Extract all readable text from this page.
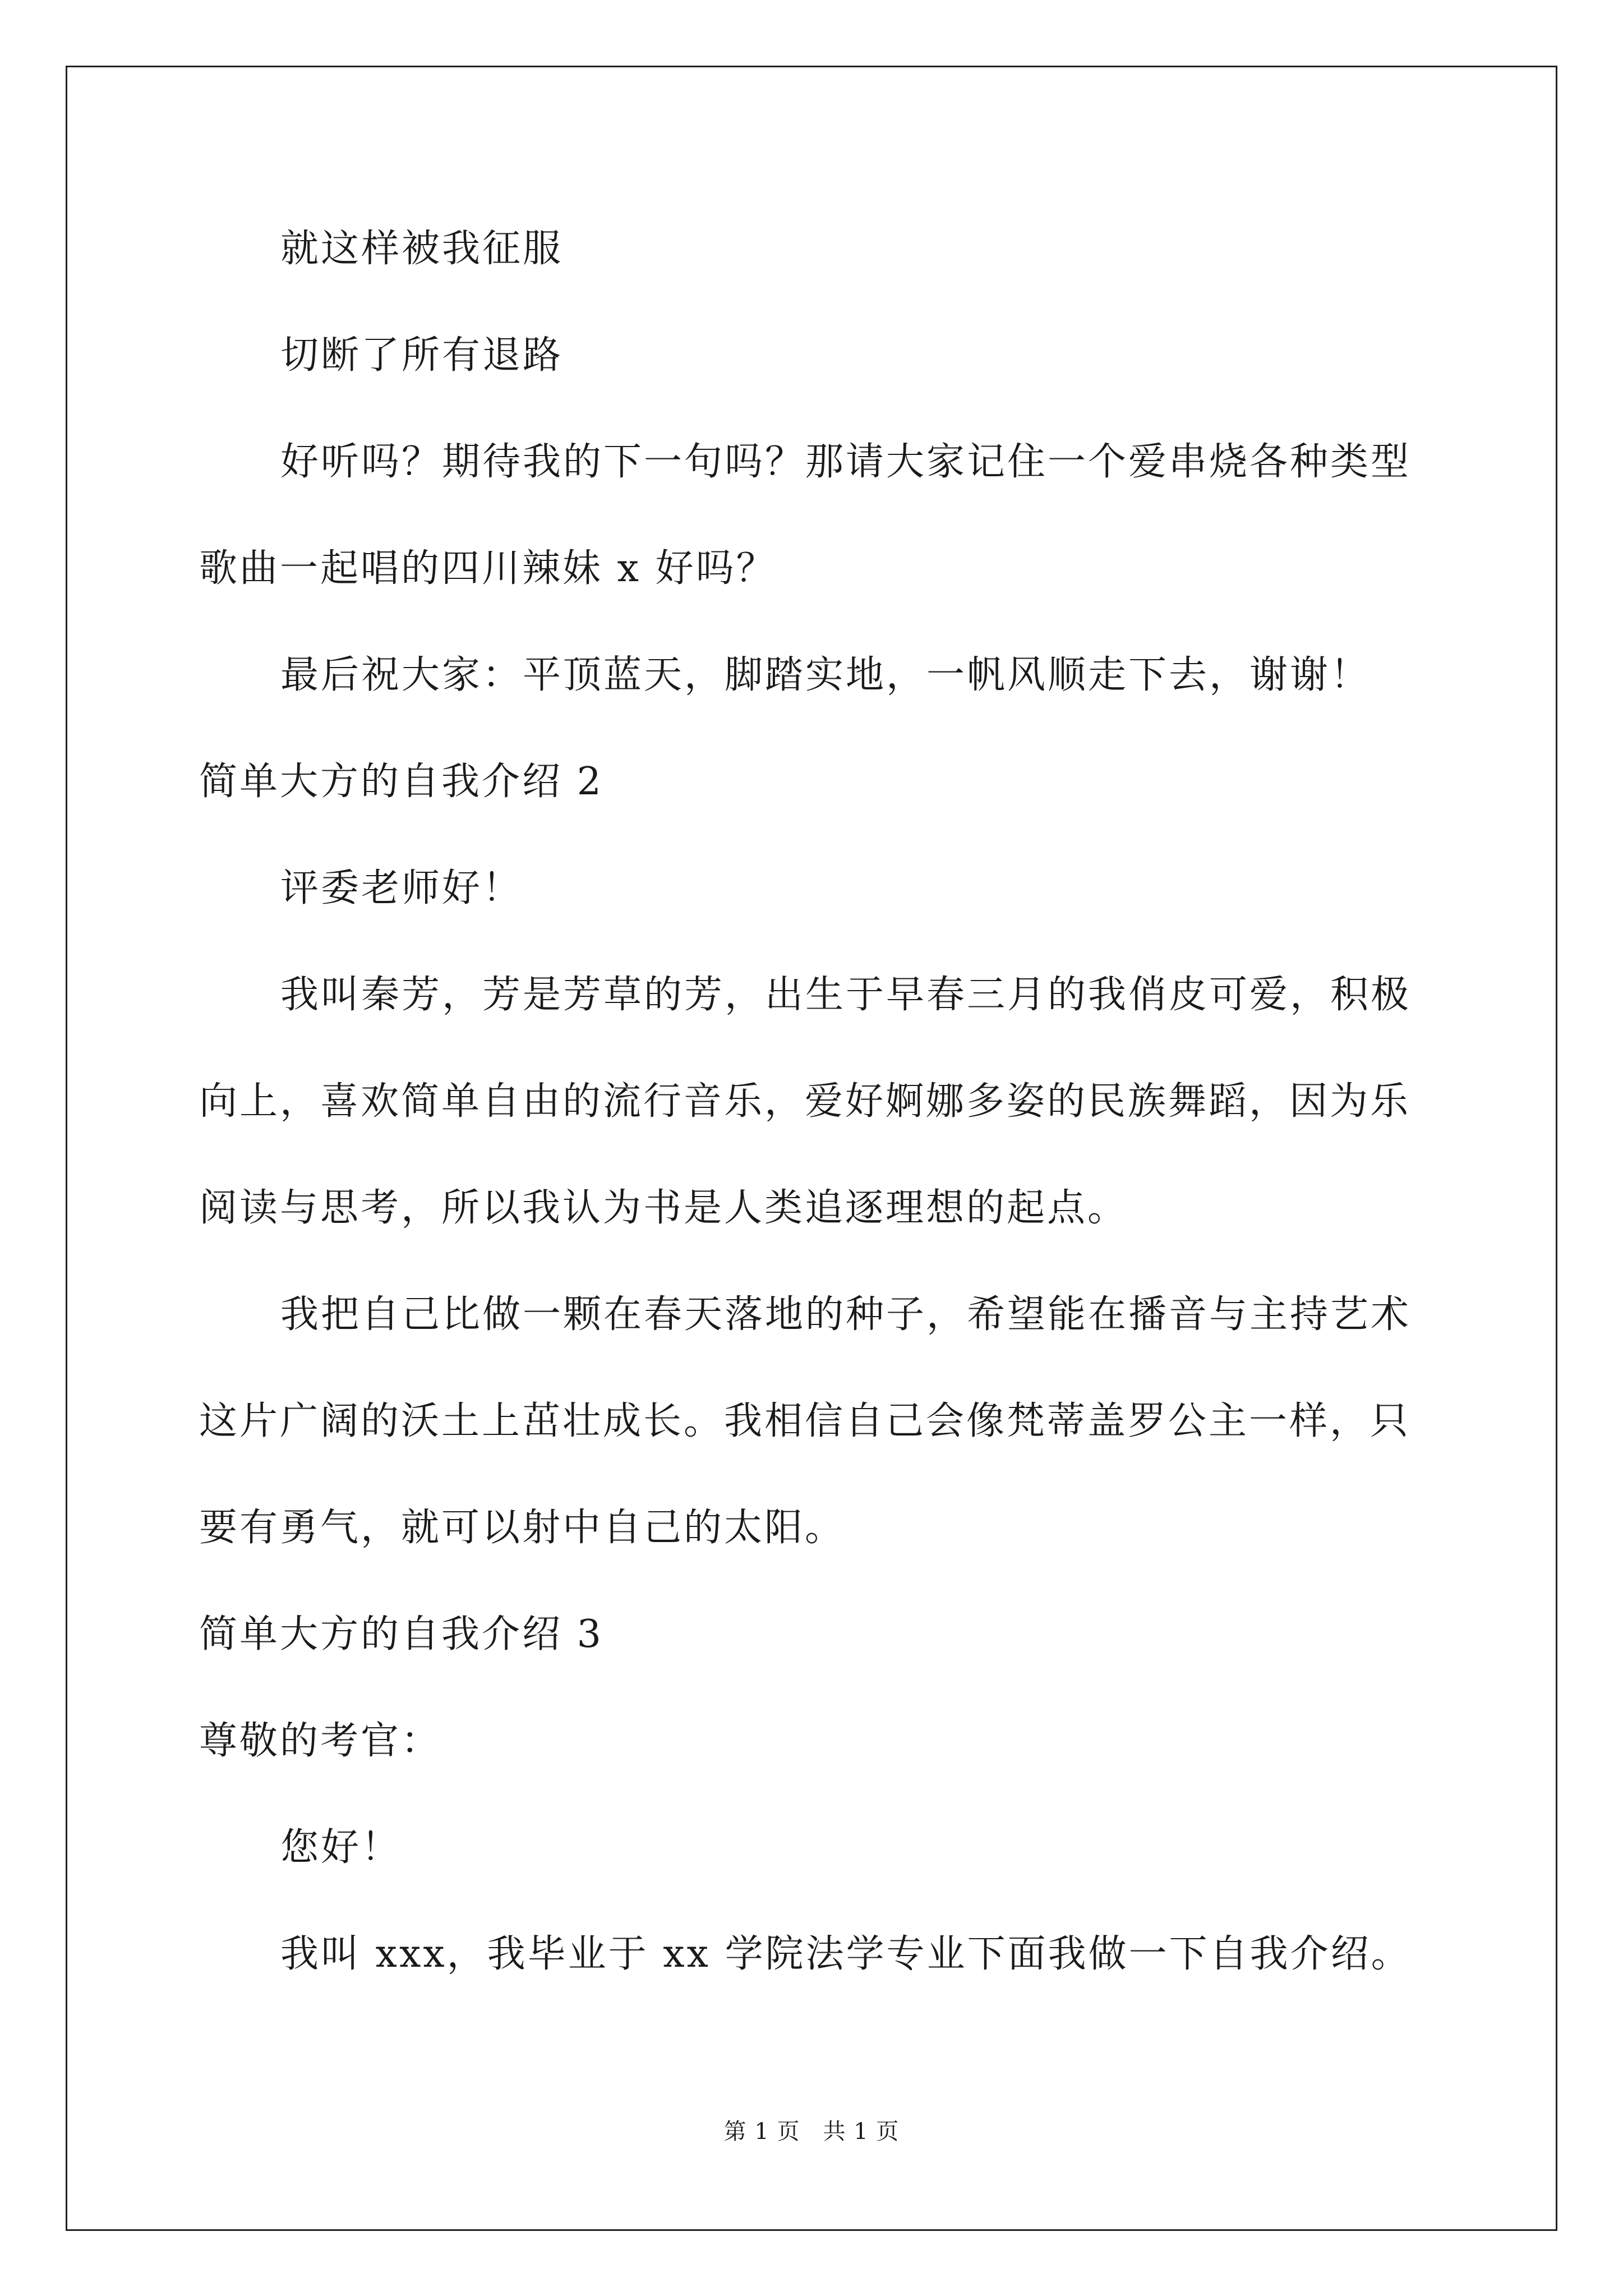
就这样被我征服
切断了所有退路
好听吗？期待我的下一句吗？那请大家记住一个爱串烧各种类型
歌曲一起唱的四川辣妹 x 好吗？
最后祝大家：平顶蓝天，脚踏实地，一帆风顺走下去，谢谢！
简单大方的自我介绍 2
评委老师好！
我叫秦芳，芳是芳草的芳，出生于早春三月的我俏皮可爱，积极
向上，喜欢简单自由的流行音乐，爱好婀娜多姿的民族舞蹈，因为乐
阅读与思考，所以我认为书是人类追逐理想的起点。
我把自己比做一颗在春天落地的种子，希望能在播音与主持艺术
这片广阔的沃土上茁壮成长。我相信自己会像梵蒂盖罗公主一样，只
要有勇气，就可以射中自己的太阳。
简单大方的自我介绍 3
尊敬的考官：
您好！
我叫 xxx，我毕业于 xx 学院法学专业下面我做一下自我介绍。
第 1 页　共 1 页
